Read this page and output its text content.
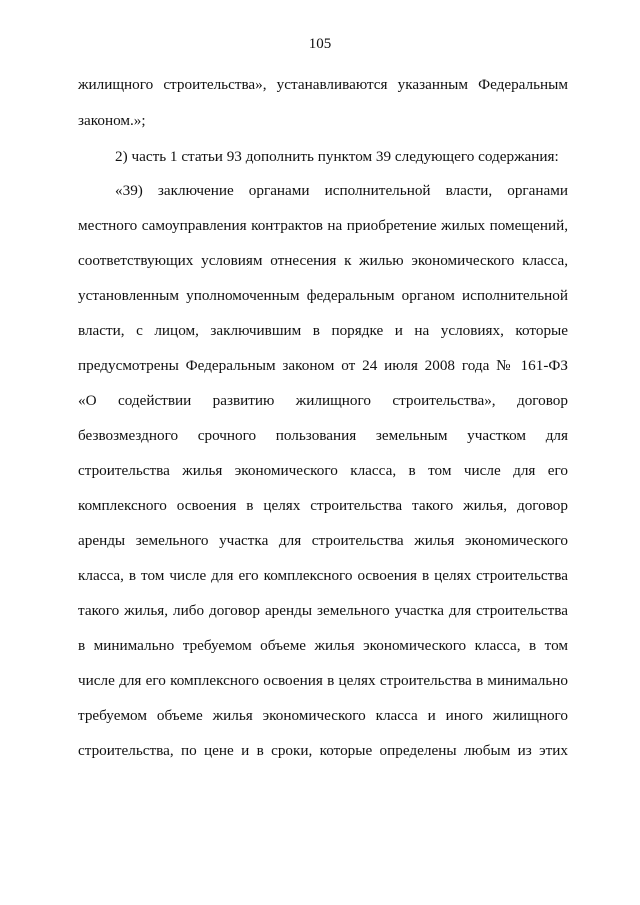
105
жилищного строительства», устанавливаются указанным Федеральным
законом.»;
2) часть 1 статьи 93 дополнить пунктом 39 следующего содержания:
«39) заключение органами исполнительной власти, органами
местного самоуправления контрактов на приобретение жилых помещений,
соответствующих условиям отнесения к жилью экономического класса,
установленным уполномоченным федеральным органом исполнительной
власти, с лицом, заключившим в порядке и на условиях, которые
предусмотрены Федеральным законом от 24 июля 2008 года № 161-ФЗ
«О содействии развитию жилищного строительства», договор
безвозмездного срочного пользования земельным участком для
строительства жилья экономического класса, в том числе для его
комплексного освоения в целях строительства такого жилья, договор
аренды земельного участка для строительства жилья экономического
класса, в том числе для его комплексного освоения в целях строительства
такого жилья, либо договор аренды земельного участка для строительства
в минимально требуемом объеме жилья экономического класса, в том
числе для его комплексного освоения в целях строительства в минимально
требуемом объеме жилья экономического класса и иного жилищного
строительства, по цене и в сроки, которые определены любым из этих
